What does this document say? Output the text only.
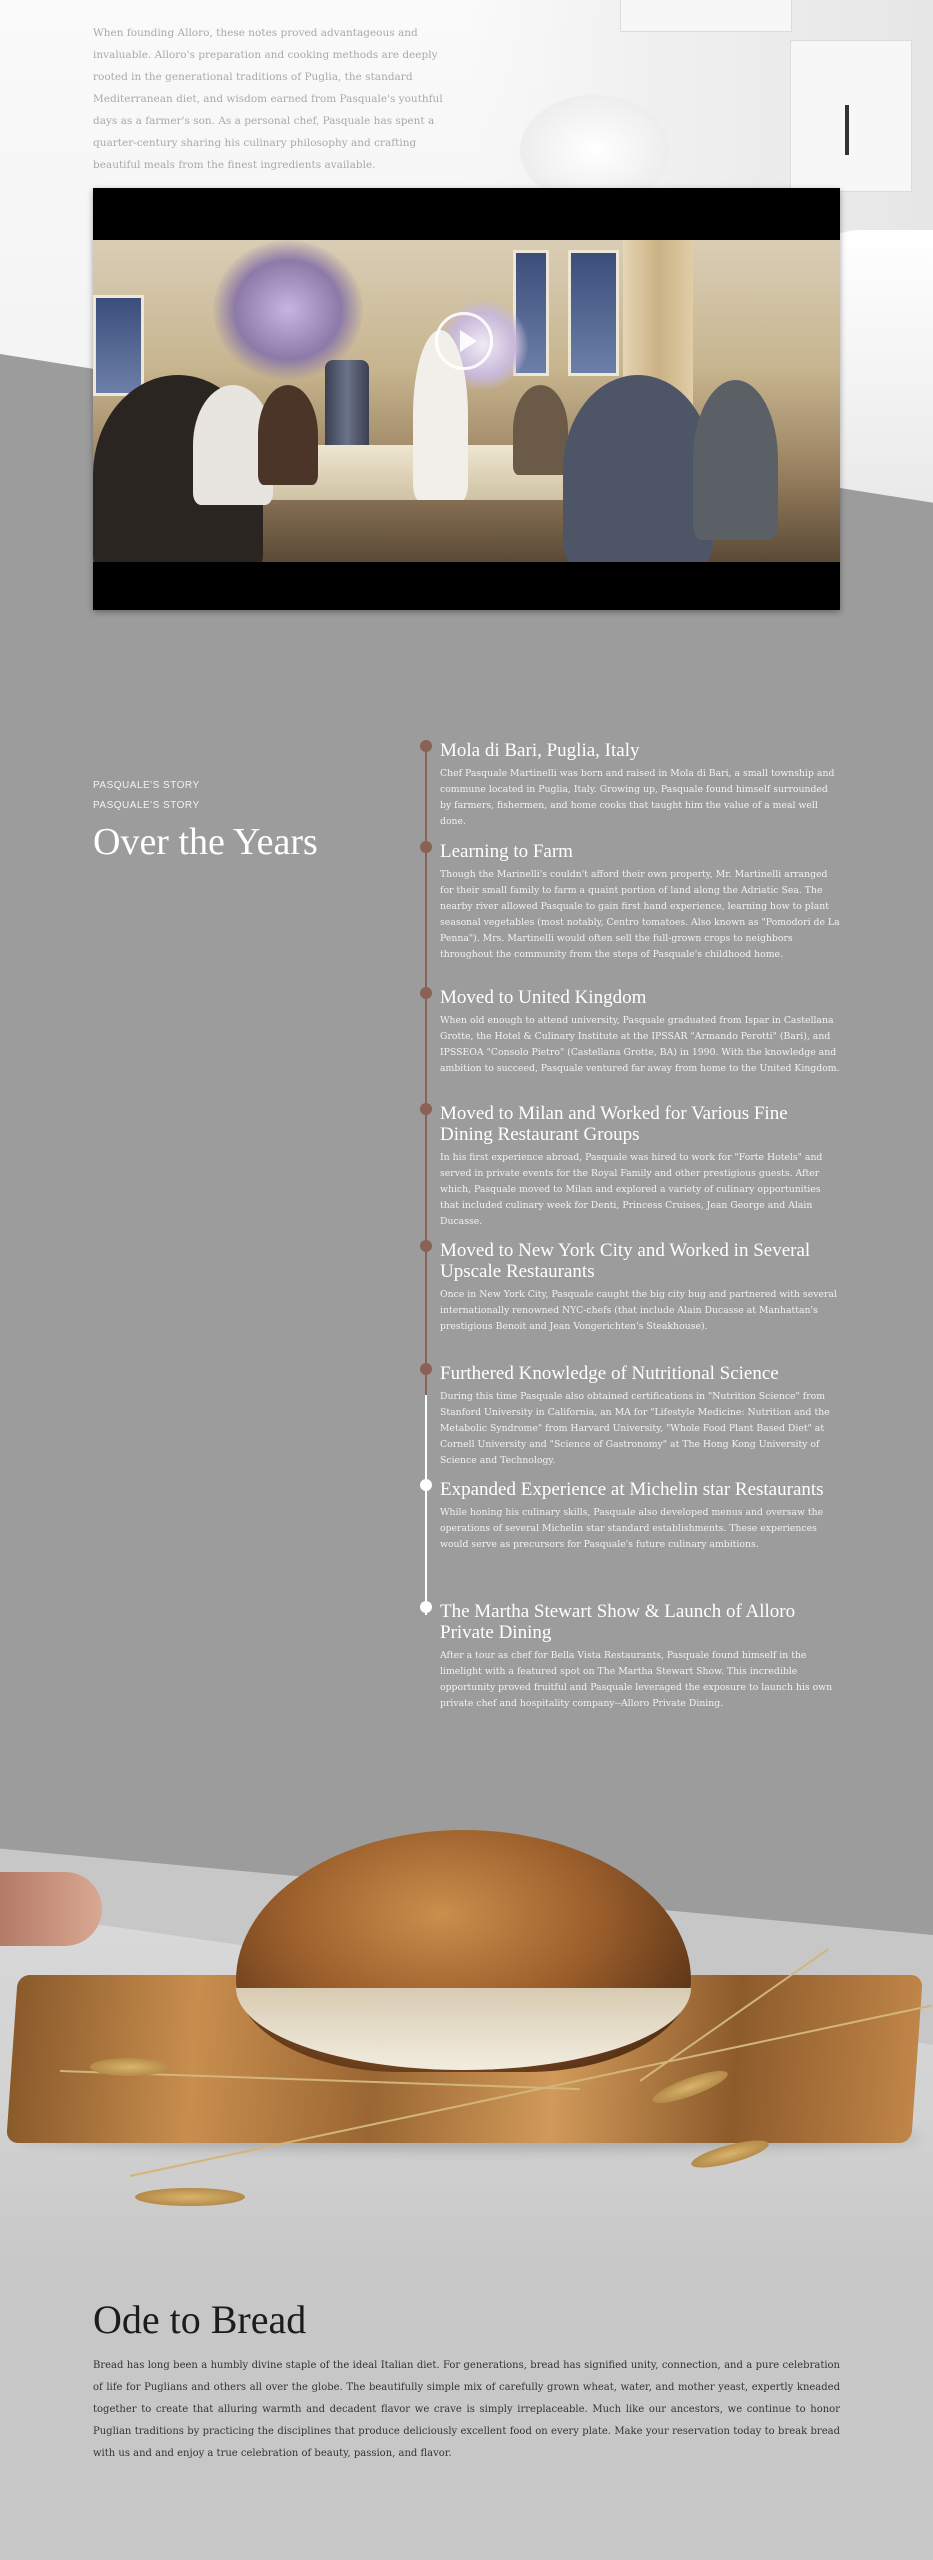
When founding Alloro, these notes proved advantageous and invaluable. Alloro's preparation and cooking methods are deeply rooted in the generational traditions of Puglia, the standard Mediterranean diet, and wisdom earned from Pasquale's youthful days as a farmer's son. As a personal chef, Pasquale has spent a quarter-century sharing his culinary philosophy and crafting beautiful meals from the finest ingredients available.
PASQUALE'S STORY
PASQUALE'S STORY
Over the Years
Mola di Bari, Puglia, Italy

Chef Pasquale Martinelli was born and raised in Mola di Bari, a small township and commune located in Puglia, Italy. Growing up, Pasquale found himself surrounded by farmers, fishermen, and home cooks that taught him the value of a meal well done.

Learning to Farm

Though the Marinelli's couldn't afford their own property, Mr. Martinelli arranged for their small family to farm a quaint portion of land along the Adriatic Sea. The nearby river allowed Pasquale to gain first hand experience, learning how to plant seasonal vegetables (most notably, Centro tomatoes. Also known as "Pomodori de La Penna"). Mrs. Martinelli would often sell the full-grown crops to neighbors throughout the community from the steps of Pasquale's childhood home.

Moved to United Kingdom

When old enough to attend university, Pasquale graduated from Ispar in Castellana Grotte, the Hotel & Culinary Institute at the IPSSAR "Armando Perotti" (Bari), and IPSSEOA "Consolo Pietro" (Castellana Grotte, BA) in 1990. With the knowledge and ambition to succeed, Pasquale ventured far away from home to the United Kingdom.

Moved to Milan and Worked for Various Fine Dining Restaurant Groups

In his first experience abroad, Pasquale was hired to work for "Forte Hotels" and served in private events for the Royal Family and other prestigious guests. After which, Pasquale moved to Milan and explored a variety of culinary opportunities that included culinary week for Denti, Princess Cruises, Jean George and Alain Ducasse.

Moved to New York City and Worked in Several Upscale Restaurants

Once in New York City, Pasquale caught the big city bug and partnered with several internationally renowned NYC-chefs (that include Alain Ducasse at Manhattan's prestigious Benoit and Jean Vongerichten's Steakhouse).

Furthered Knowledge of Nutritional Science

During this time Pasquale also obtained certifications in "Nutrition Science" from Stanford University in California, an MA for "Lifestyle Medicine: Nutrition and the Metabolic Syndrome" from Harvard University, "Whole Food Plant Based Diet" at Cornell University and "Science of Gastronomy" at The Hong Kong University of Science and Technology.

Expanded Experience at Michelin star Restaurants

While honing his culinary skills, Pasquale also developed menus and oversaw the operations of several Michelin star standard establishments. These experiences would serve as precursors for Pasquale's future culinary ambitions.

The Martha Stewart Show & Launch of Alloro Private Dining

After a tour as chef for Bella Vista Restaurants, Pasquale found himself in the limelight with a featured spot on The Martha Stewart Show. This incredible opportunity proved fruitful and Pasquale leveraged the exposure to launch his own private chef and hospitality company--Alloro Private Dining.

Ode to Bread
Bread has long been a humbly divine staple of the ideal Italian diet. For generations, bread has signified unity, connection, and a pure celebration of life for Puglians and others all over the globe. The beautifully simple mix of carefully grown wheat, water, and mother yeast, expertly kneaded together to create that alluring warmth and decadent flavor we crave is simply irreplaceable. Much like our ancestors, we continue to honor Puglian traditions by practicing the disciplines that produce deliciously excellent food on every plate. Make your reservation today to break bread with us and and enjoy a true celebration of beauty, passion, and flavor.
